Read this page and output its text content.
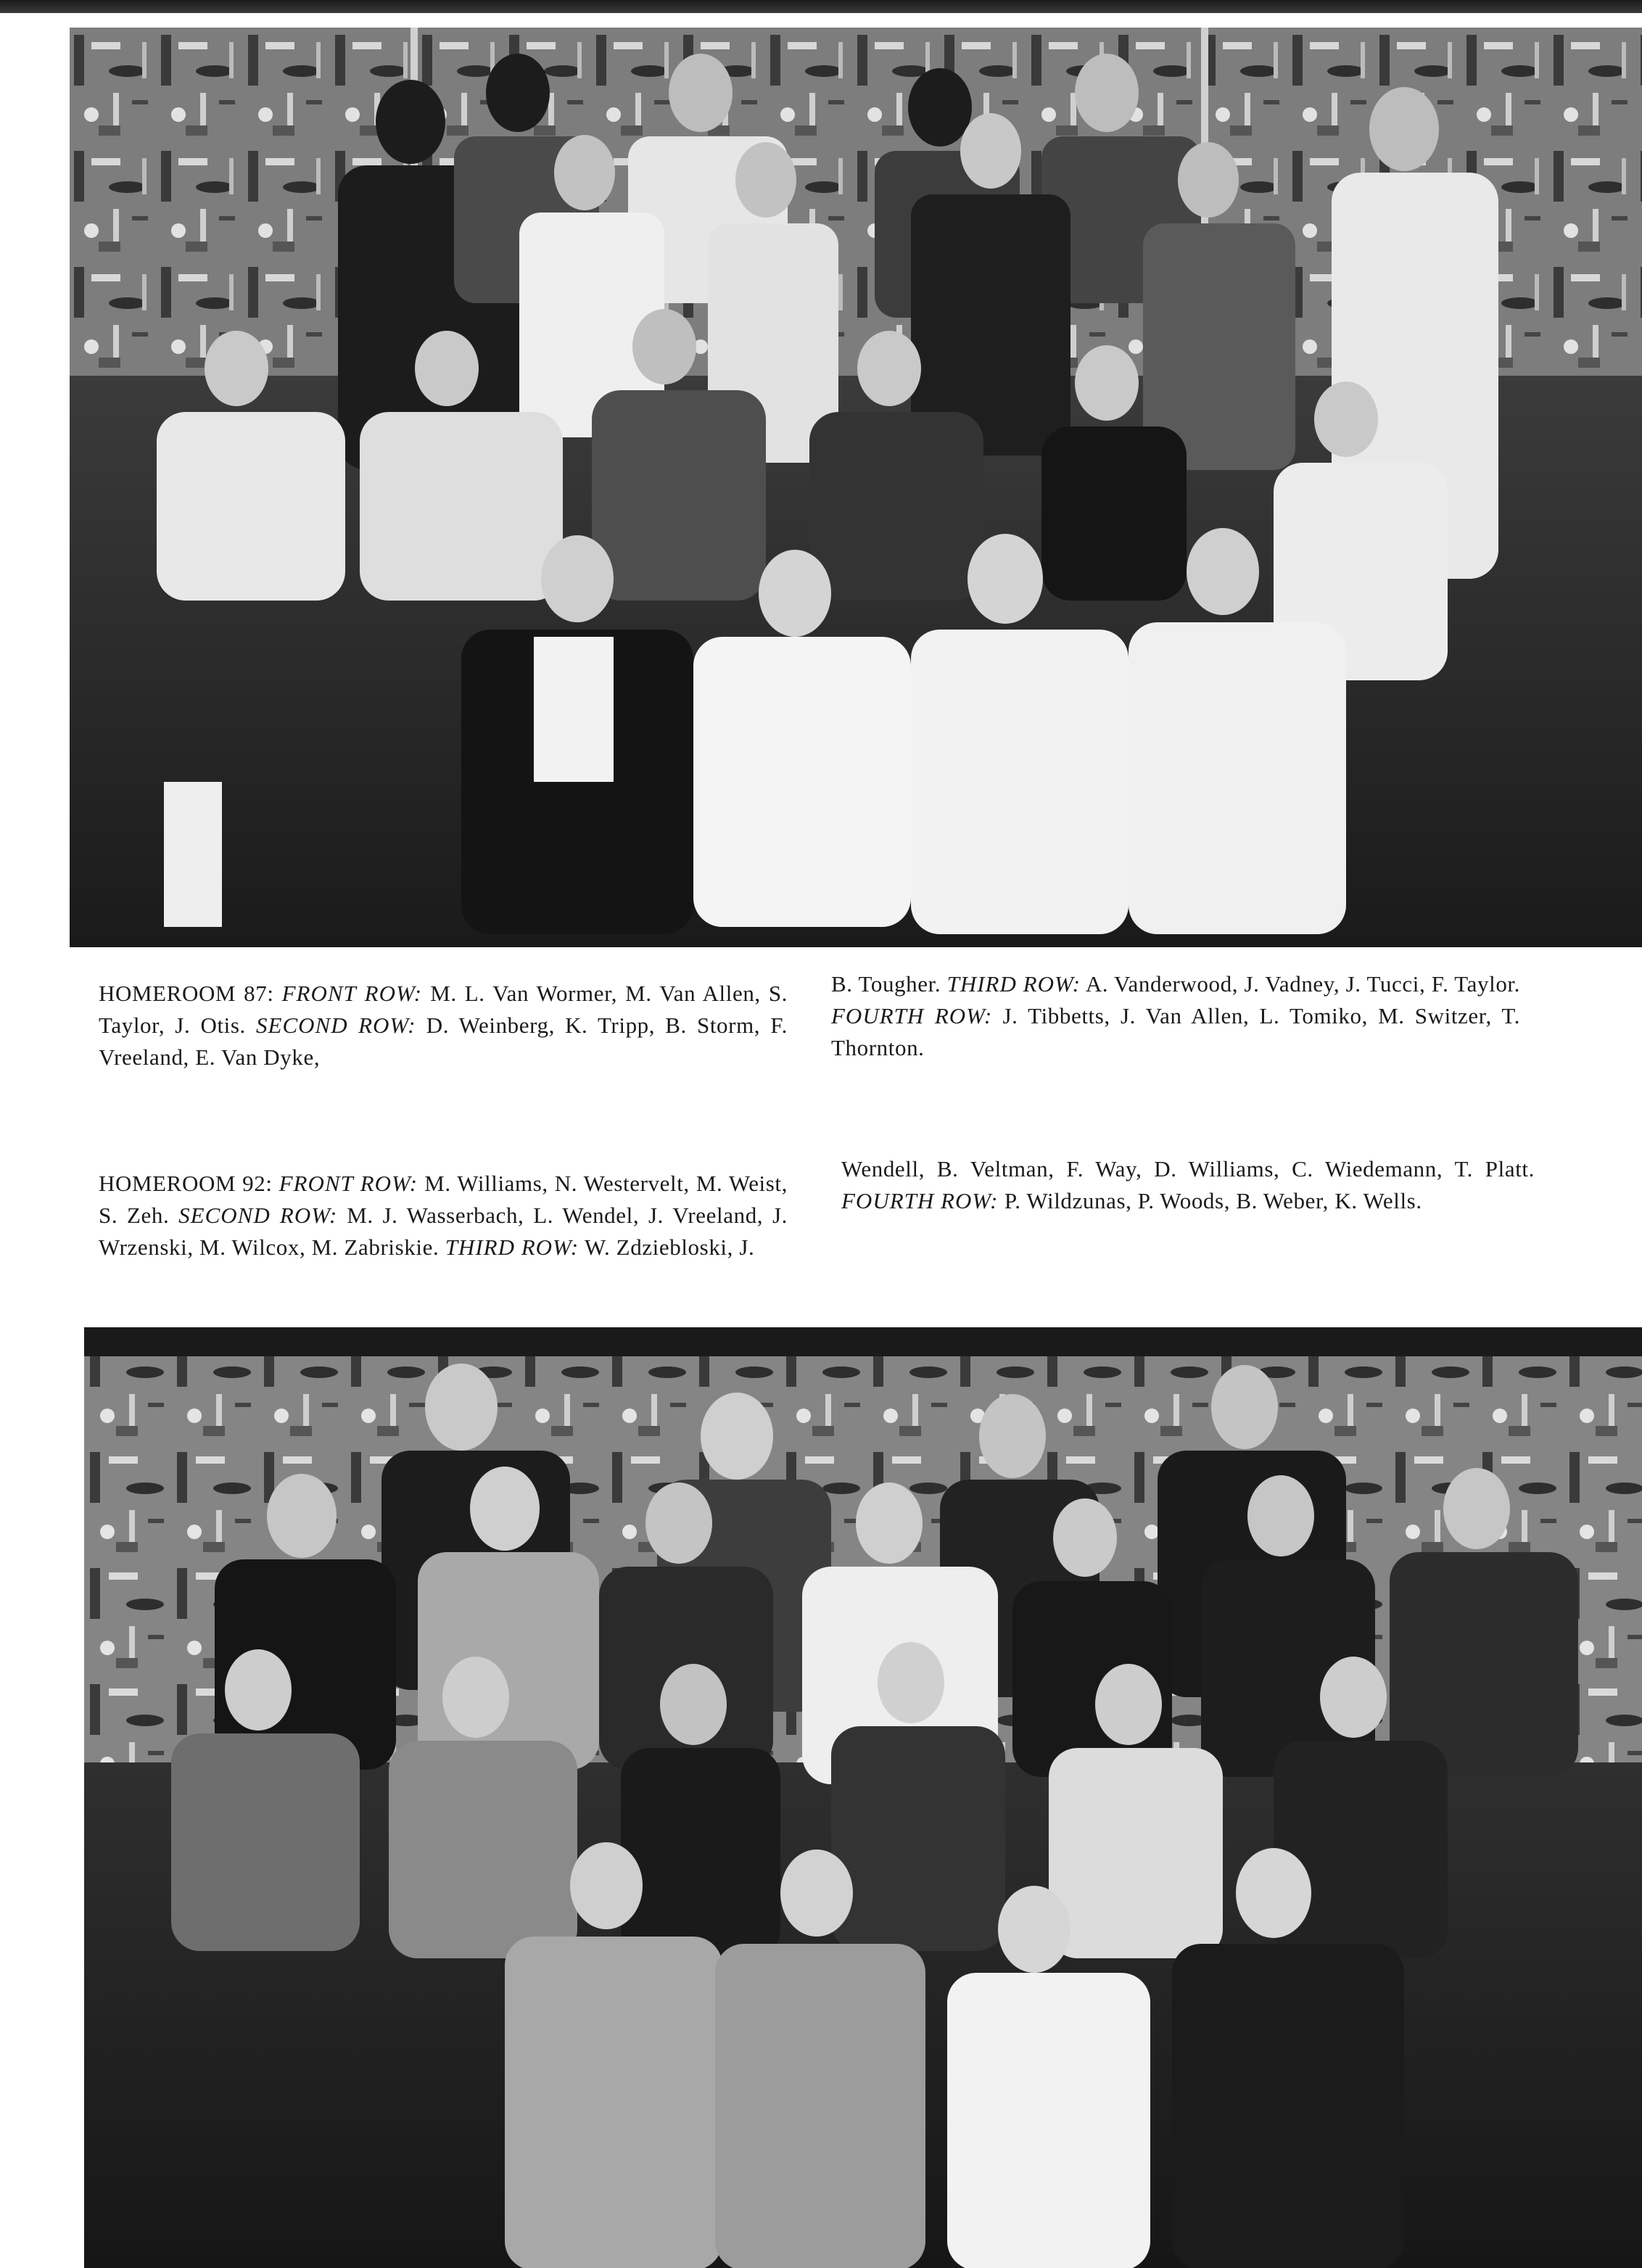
HOMEROOM 87: FRONT ROW: M. L. Van Wormer, M. Van Allen, S. Taylor, J. Otis. SECOND ROW: D. Weinberg, K. Tripp, B. Storm, F. Vreeland, E. Van Dyke,
B. Tougher. THIRD ROW: A. Vanderwood, J. Vadney, J. Tucci, F. Taylor. FOURTH ROW: J. Tibbetts, J. Van Allen, L. Tomiko, M. Switzer, T. Thornton.
HOMEROOM 92: FRONT ROW: M. Williams, N. Westervelt, M. Weist, S. Zeh. SECOND ROW: M. J. Wasserbach, L. Wendel, J. Vreeland, J. Wrzenski, M. Wilcox, M. Zabriskie. THIRD ROW: W. Zdziebloski, J.
Wendell, B. Veltman, F. Way, D. Williams, C. Wiedemann, T. Platt. FOURTH ROW: P. Wildzunas, P. Woods, B. Weber, K. Wells.
